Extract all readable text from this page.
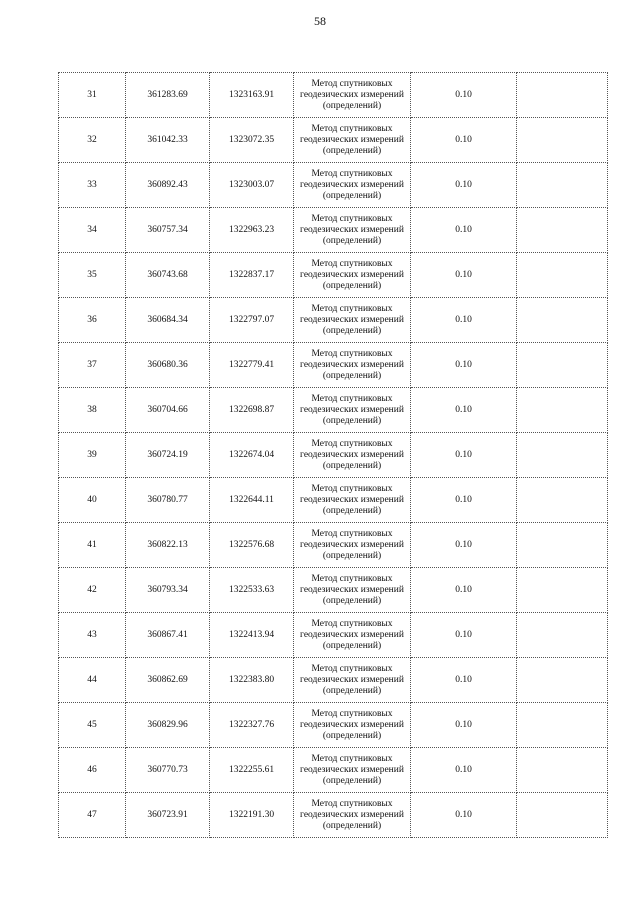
58
31	361283.69	1323163.91	Метод спутниковых
геодезических измерений
(определений)	0.10	
32	361042.33	1323072.35	Метод спутниковых
геодезических измерений
(определений)	0.10	
33	360892.43	1323003.07	Метод спутниковых
геодезических измерений
(определений)	0.10	
34	360757.34	1322963.23	Метод спутниковых
геодезических измерений
(определений)	0.10	
35	360743.68	1322837.17	Метод спутниковых
геодезических измерений
(определений)	0.10	
36	360684.34	1322797.07	Метод спутниковых
геодезических измерений
(определений)	0.10	
37	360680.36	1322779.41	Метод спутниковых
геодезических измерений
(определений)	0.10	
38	360704.66	1322698.87	Метод спутниковых
геодезических измерений
(определений)	0.10	
39	360724.19	1322674.04	Метод спутниковых
геодезических измерений
(определений)	0.10	
40	360780.77	1322644.11	Метод спутниковых
геодезических измерений
(определений)	0.10	
41	360822.13	1322576.68	Метод спутниковых
геодезических измерений
(определений)	0.10	
42	360793.34	1322533.63	Метод спутниковых
геодезических измерений
(определений)	0.10	
43	360867.41	1322413.94	Метод спутниковых
геодезических измерений
(определений)	0.10	
44	360862.69	1322383.80	Метод спутниковых
геодезических измерений
(определений)	0.10	
45	360829.96	1322327.76	Метод спутниковых
геодезических измерений
(определений)	0.10	
46	360770.73	1322255.61	Метод спутниковых
геодезических измерений
(определений)	0.10	
47	360723.91	1322191.30	Метод спутниковых
геодезических измерений
(определений)	0.10	
